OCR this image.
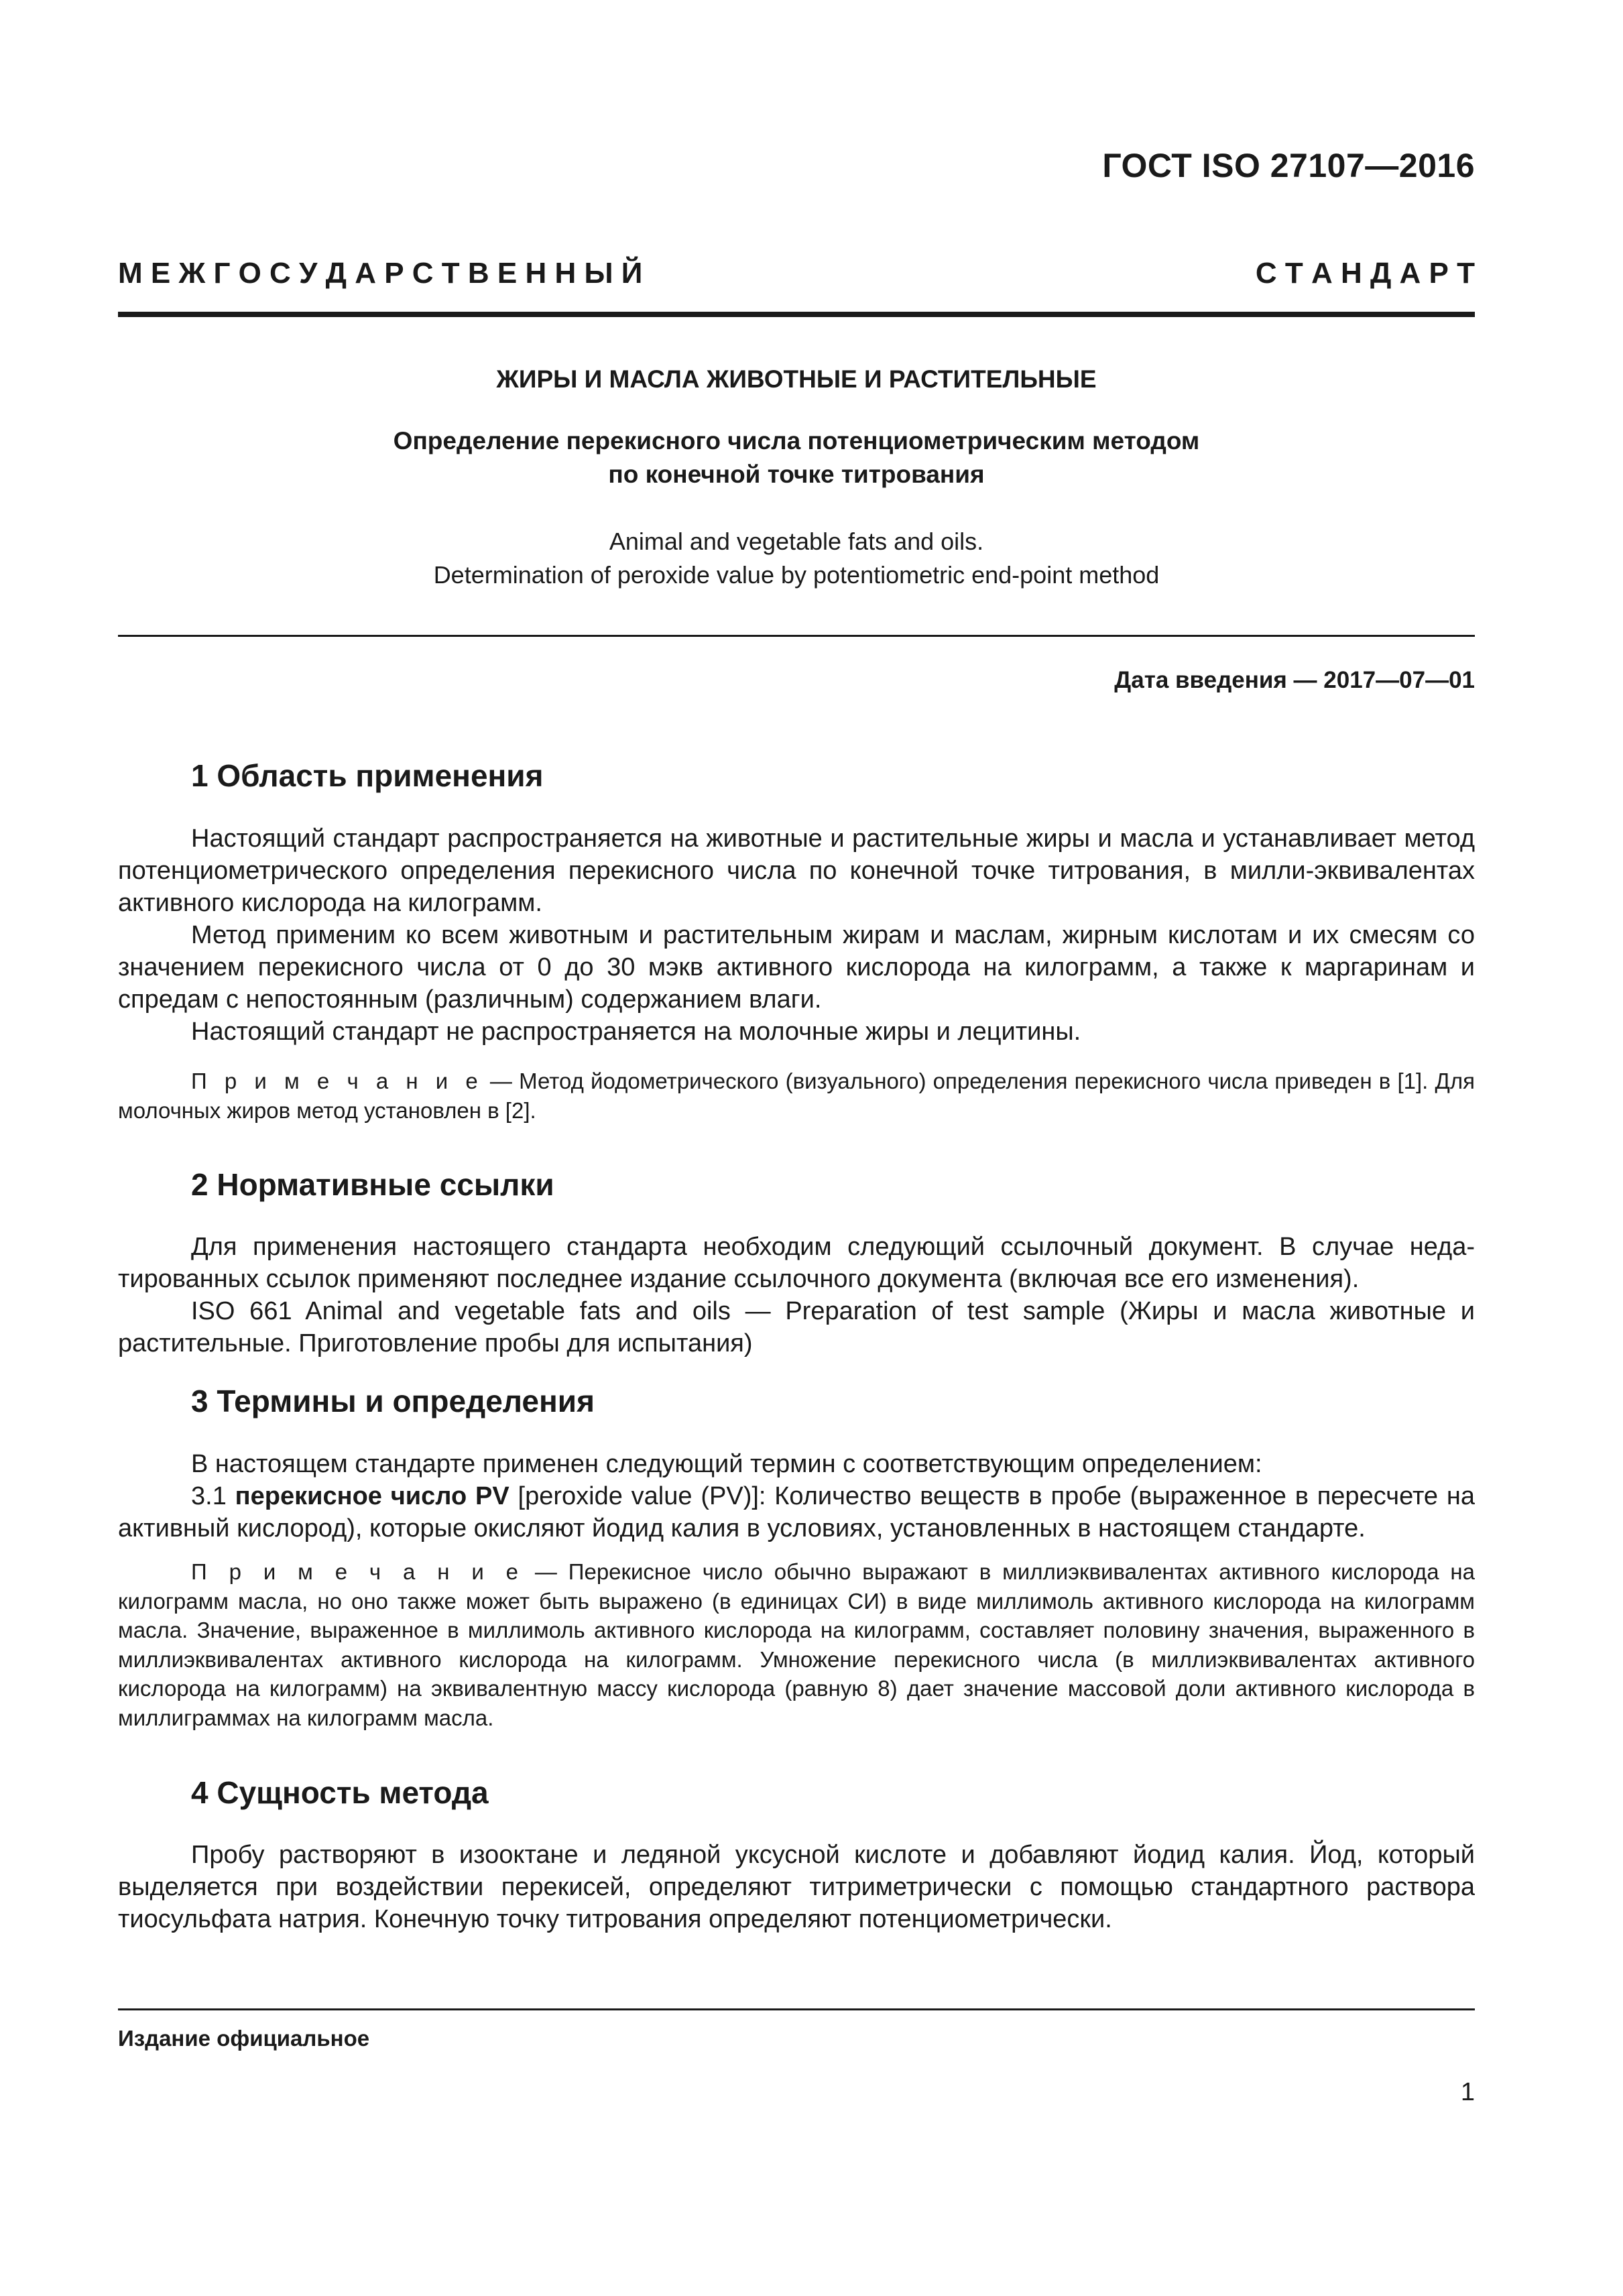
ГОСТ ISO 27107—2016
М Е Ж Г О С У Д А Р С Т В Е Н Н Ы Й	С Т А Н Д А Р Т
ЖИРЫ И МАСЛА ЖИВОТНЫЕ И РАСТИТЕЛЬНЫЕ
Определение перекисного числа потенциометрическим методом
по конечной точке титрования
Animal and vegetable fats and oils.
Determination of peroxide value by potentiometric end-point method
Дата введения — 2017—07—01
1 Область применения

Настоящий стандарт распространяется на животные и растительные жиры и масла и устанавливает метод потенциометрического определения перекисного числа по конечной точке титрования, в милли-эквивалентах активного кислорода на килограмм.

Метод применим ко всем животным и растительным жирам и маслам, жирным кислотам и их смесям со значением перекисного числа от 0 до 30 мэкв активного кислорода на килограмм, а также к маргаринам и спредам с непостоянным (различным) содержанием влаги.

Настоящий стандарт не распространяется на молочные жиры и лецитины.

П р и м е ч а н и е — Метод йодометрического (визуального) определения перекисного числа приведен в [1]. Для молочных жиров метод установлен в [2].

2 Нормативные ссылки

Для применения настоящего стандарта необходим следующий ссылочный документ. В случае неда-тированных ссылок применяют последнее издание ссылочного документа (включая все его изменения).

ISO 661 Animal and vegetable fats and oils — Preparation of test sample (Жиры и масла животные и растительные. Приготовление пробы для испытания)

3 Термины и определения

В настоящем стандарте применен следующий термин с соответствующим определением:

3.1 перекисное число PV [peroxide value (PV)]: Количество веществ в пробе (выраженное в пересчете на активный кислород), которые окисляют йодид калия в условиях, установленных в настоящем стандарте.

П р и м е ч а н и е — Перекисное число обычно выражают в миллиэквивалентах активного кислорода на килограмм масла, но оно также может быть выражено (в единицах СИ) в виде миллимоль активного кислорода на килограмм масла. Значение, выраженное в миллимоль активного кислорода на килограмм, составляет половину значения, выраженного в миллиэквивалентах активного кислорода на килограмм. Умножение перекисного числа (в миллиэквивалентах активного кислорода на килограмм) на эквивалентную массу кислорода (равную 8) дает значение массовой доли активного кислорода в миллиграммах на килограмм масла.

4 Сущность метода

Пробу растворяют в изооктане и ледяной уксусной кислоте и добавляют йодид калия. Йод, который выделяется при воздействии перекисей, определяют титриметрически с помощью стандартного раствора тиосульфата натрия. Конечную точку титрования определяют потенциометрически.

Издание официальное
1
